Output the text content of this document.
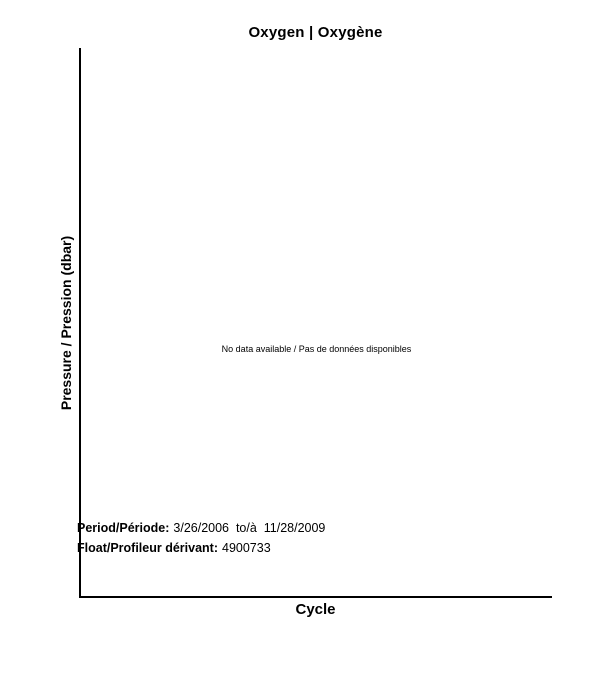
Oxygen | Oxygène
No data available / Pas de données disponibles
Pressure / Pression (dbar)
Cycle
Period/Période: 3/26/2006  to/à  11/28/2009
Float/Profileur dérivant: 4900733
